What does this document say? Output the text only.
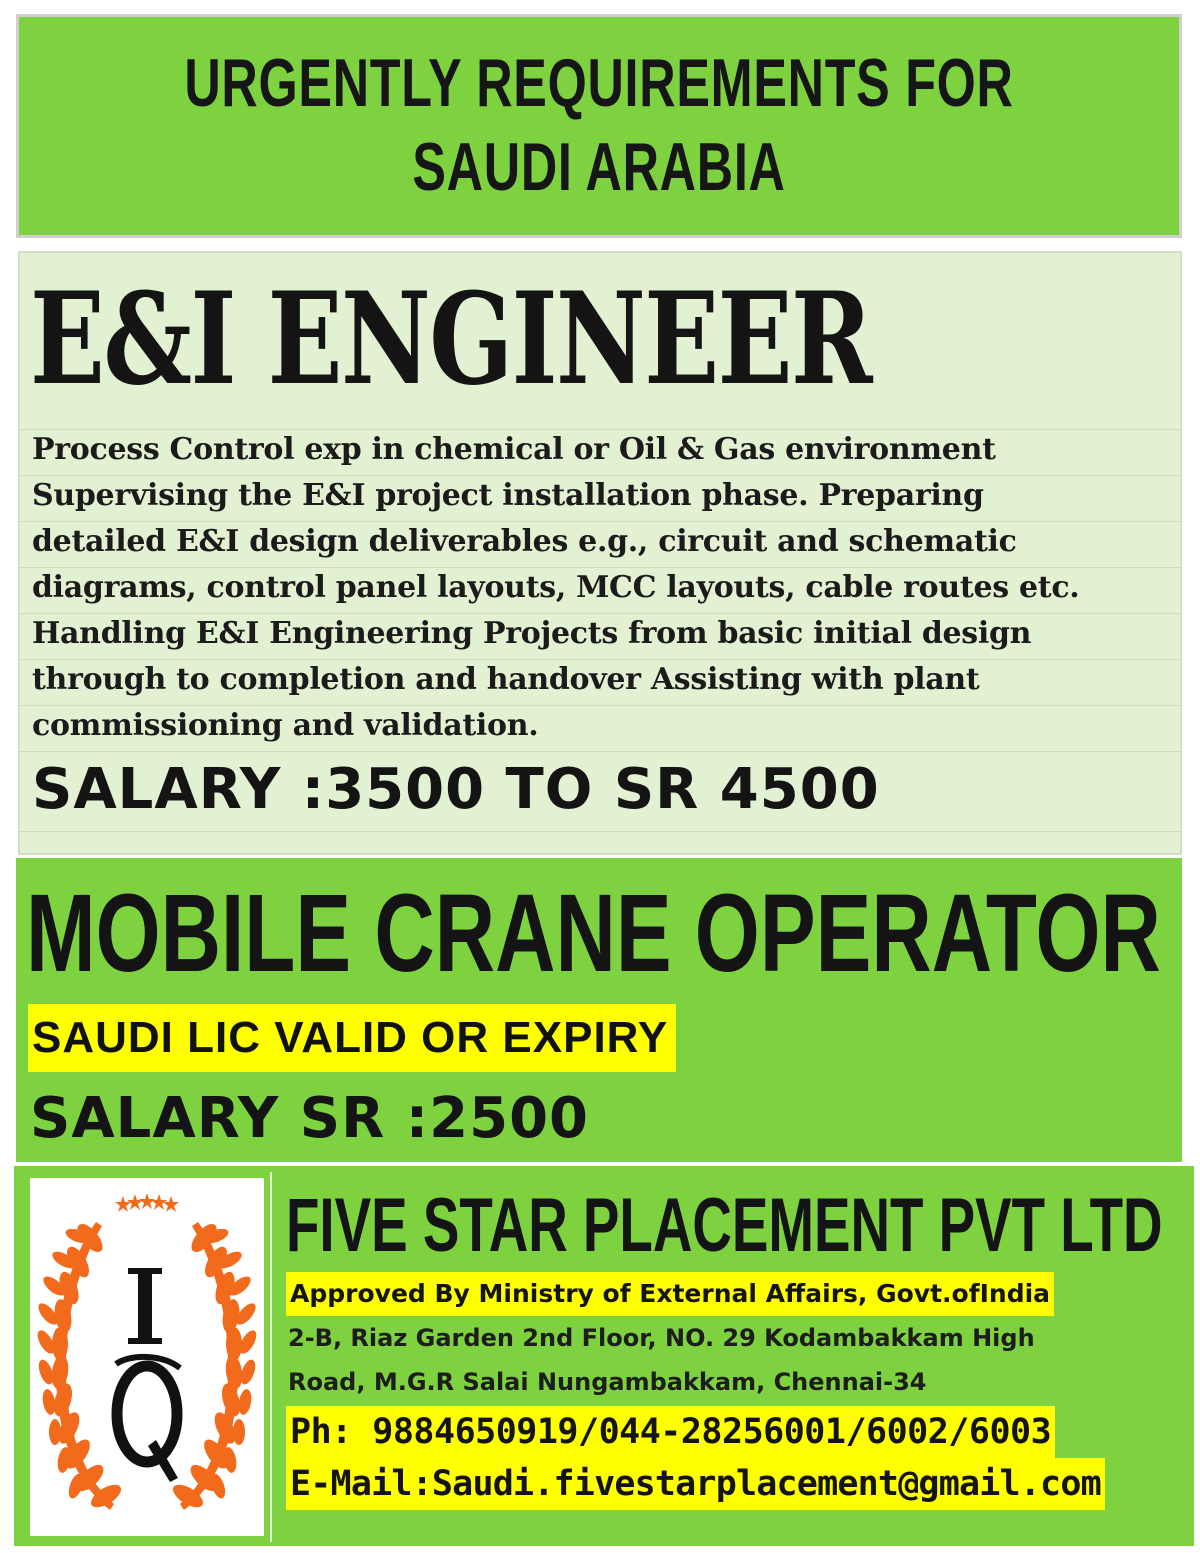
URGENTLY REQUIREMENTS FOR
SAUDI ARABIA
E&I ENGINEER
Process Control exp in chemical or Oil & Gas environment
Supervising the E&I project installation phase. Preparing
detailed E&I design deliverables e.g., circuit and schematic
diagrams, control panel layouts, MCC layouts, cable routes etc.
Handling E&I Engineering Projects from basic initial design
through to completion and handover Assisting with plant
commissioning and validation.
SALARY :3500 TO SR 4500
MOBILE CRANE OPERATOR
SAUDI LIC VALID OR EXPIRY
SALARY SR :2500
FIVE STAR PLACEMENT PVT LTD
Approved By Ministry of External Affairs, Govt.ofIndia
2-B, Riaz Garden 2nd Floor, NO. 29 Kodambakkam High
Road, M.G.R Salai Nungambakkam, Chennai-34
Ph: 9884650919/044-28256001/6002/6003
E-Mail:Saudi.fivestarplacement@gmail.com
